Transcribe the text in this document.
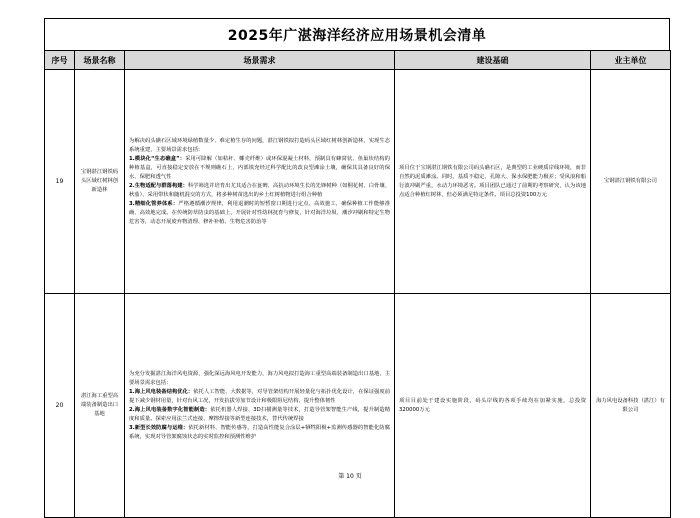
2025年广湛海洋经济应用场景机会清单
序号	场景名称	场景需求	建设基础	业主单位
19	宝钢湛江钢铁码头区域红树林创新造林	为解决码头礁石区域环境绿植数量少、难定植生存的问题，湛江钢铁拟打造码头区域红树林创新造林，实现生态系统重建，主要场景需求包括：
1.模块化“生态礁盒”：采用可降解（如秸秆、椰壳纤维）或环保混凝土材料，预制具有蜂窝状、鱼巢状结构的种植基盒，可直接稳定安放在不规则礁石上，内部填充经过科学配比的改良型滩涂土壤，确保其具备良好的保水、保肥和透气性
2.生物适配与群落构建：科学筛选并培育出尤其适合在瓮碑、高抗动环境生长的先锋树种（如桐花树、白骨壤、秋茄），采用带状和随机混交的方式，将多种树苗选出的乡土红树植物进行组合种植
3.精细化管养体系：严格遵循潮汐规律，利用退潮时的短暂窗口期进行定点、高效施工，确保种植工作能够准确、高效地完成。在传统防草防虫的基础上，开展针对性幼林抚育与修复，针对海洋垃圾、潮汐冲刷和特定生物危害等，动态开展废弃物清理、修补补植、生物危害防治等	项目位于宝钢湛江钢铁有限公司码头礁石区，是典型的工业硬质岸线环境，而非自然的泥质滩涂。同时，基质不稳定、孔隙大、保水保肥能力极差；受风浪和船行波冲刷严重，水动力环境恶劣。项目团队已通过了前期的考察研究，认为该地点适合种植红树林，但必须满足特定条件。项目总投资100万元	宝钢湛江钢铁有限公司
20	湛江海工重型高端装备制造出口基地	为充分发掘湛江海洋风电资源，强化深远海风电开发能力，海力风电拟打造海工重型高端装备制造出口基地，主要场景需求包括：
1.海上风电装备结构优化：依托人工智能、大数据等，对导管架结构开展轻量化与拓扑优化设计，在保证强度前提下减少钢材用量，针对台风工况，开发抗拔劳加节设计和极限阻尼结构，提升整体韧性
2.海上风电装备数字化智能制造：依托机器人焊接、3D扫描测量等技术，打造导管架智能生产线，提升制造精度和质量。探索应用法兰式连接、摩擦焊接等新型连接技术，替代传统焊接
3.新型长效防腐与运维：依托新材料、智能传感等，打造高性能复合涂层+牺牲阳极+监测传感器的智能化防腐系统，实现对导管架腐蚀状态的实时监控和预测性维护	项目目前处于建设实施阶段，码头岸线的各项手续均在加紧实施，总投资320000万元	海力风电设备科技（湛江）有限公司
第 10 页
